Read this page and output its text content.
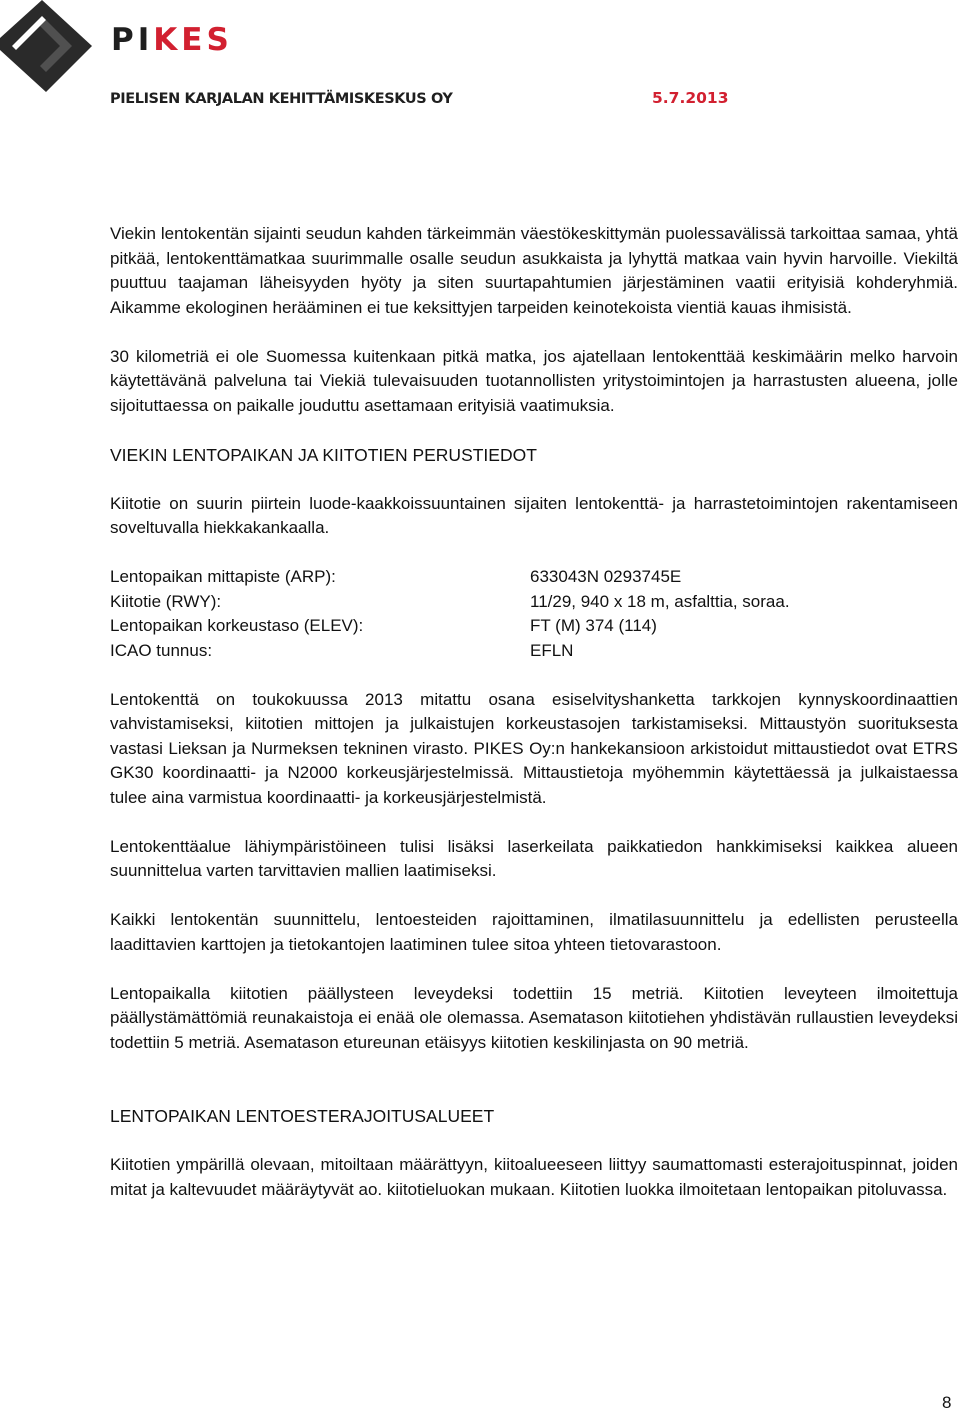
PIKES
PIELISEN KARJALAN KEHITTÄMISKESKUS OY	5.7.2013

Viekin lentokentän sijainti seudun kahden tärkeimmän väestökeskittymän puolessavälissä tarkoittaa samaa, yhtä pitkää, lentokenttämatkaa suurimmalle osalle seudun asukkaista ja lyhyttä matkaa vain hyvin harvoille. Viekiltä puuttuu taajaman läheisyyden hyöty ja siten suurtapahtumien järjestäminen vaatii erityisiä kohderyhmiä. Aikamme ekologinen herääminen ei tue keksittyjen tarpeiden keinotekoista vientiä kauas ihmisistä.

30 kilometriä ei ole Suomessa kuitenkaan pitkä matka, jos ajatellaan lentokenttää keskimäärin melko harvoin käytettävänä palveluna tai Viekiä tulevaisuuden tuotannollisten yritystoimintojen ja harrastusten alueena, jolle sijoituttaessa on paikalle jouduttu asettamaan erityisiä vaatimuksia.

VIEKIN LENTOPAIKAN JA KIITOTIEN PERUSTIEDOT

Kiitotie on suurin piirtein luode-kaakkoissuuntainen sijaiten lentokenttä- ja harrastetoimintojen rakentamiseen soveltuvalla hiekkakankaalla.

Lentopaikan mittapiste (ARP):	633043N 0293745E
Kiitotie (RWY):	11/29, 940 x 18 m, asfalttia, soraa.
Lentopaikan korkeustaso (ELEV):	FT (M) 374 (114)
ICAO tunnus:	EFLN

Lentokenttä on toukokuussa 2013 mitattu osana esiselvityshanketta tarkkojen kynnyskoordinaattien vahvistamiseksi, kiitotien mittojen ja julkaistujen korkeustasojen tarkistamiseksi. Mittaustyön suorituksesta vastasi Lieksan ja Nurmeksen tekninen virasto. PIKES Oy:n hankekansioon arkistoidut mittaustiedot ovat ETRS GK30 koordinaatti- ja N2000 korkeusjärjestelmissä. Mittaustietoja myöhemmin käytettäessä ja julkaistaessa tulee aina varmistua koordinaatti- ja korkeusjärjestelmistä.

Lentokenttäalue lähiympäristöineen tulisi lisäksi laserkeilata paikkatiedon hankkimiseksi kaikkea alueen suunnittelua varten tarvittavien mallien laatimiseksi.

Kaikki lentokentän suunnittelu, lentoesteiden rajoittaminen, ilmatilasuunnittelu ja edellisten perusteella laadittavien karttojen ja tietokantojen laatiminen tulee sitoa yhteen tietovarastoon.

Lentopaikalla kiitotien päällysteen leveydeksi todettiin 15 metriä. Kiitotien leveyteen ilmoitettuja päällystämättömiä reunakaistoja ei enää ole olemassa. Asematason kiitotiehen yhdistävän rullaustien leveydeksi todettiin 5 metriä. Asematason etureunan etäisyys kiitotien keskilinjasta on 90 metriä.

LENTOPAIKAN LENTOESTERAJOITUSALUEET

Kiitotien ympärillä olevaan, mitoiltaan määrättyyn, kiitoalueeseen liittyy saumattomasti esterajoituspinnat, joiden mitat ja kaltevuudet määräytyvät ao. kiitotieluokan mukaan. Kiitotien luokka ilmoitetaan lentopaikan pitoluvassa.

8
